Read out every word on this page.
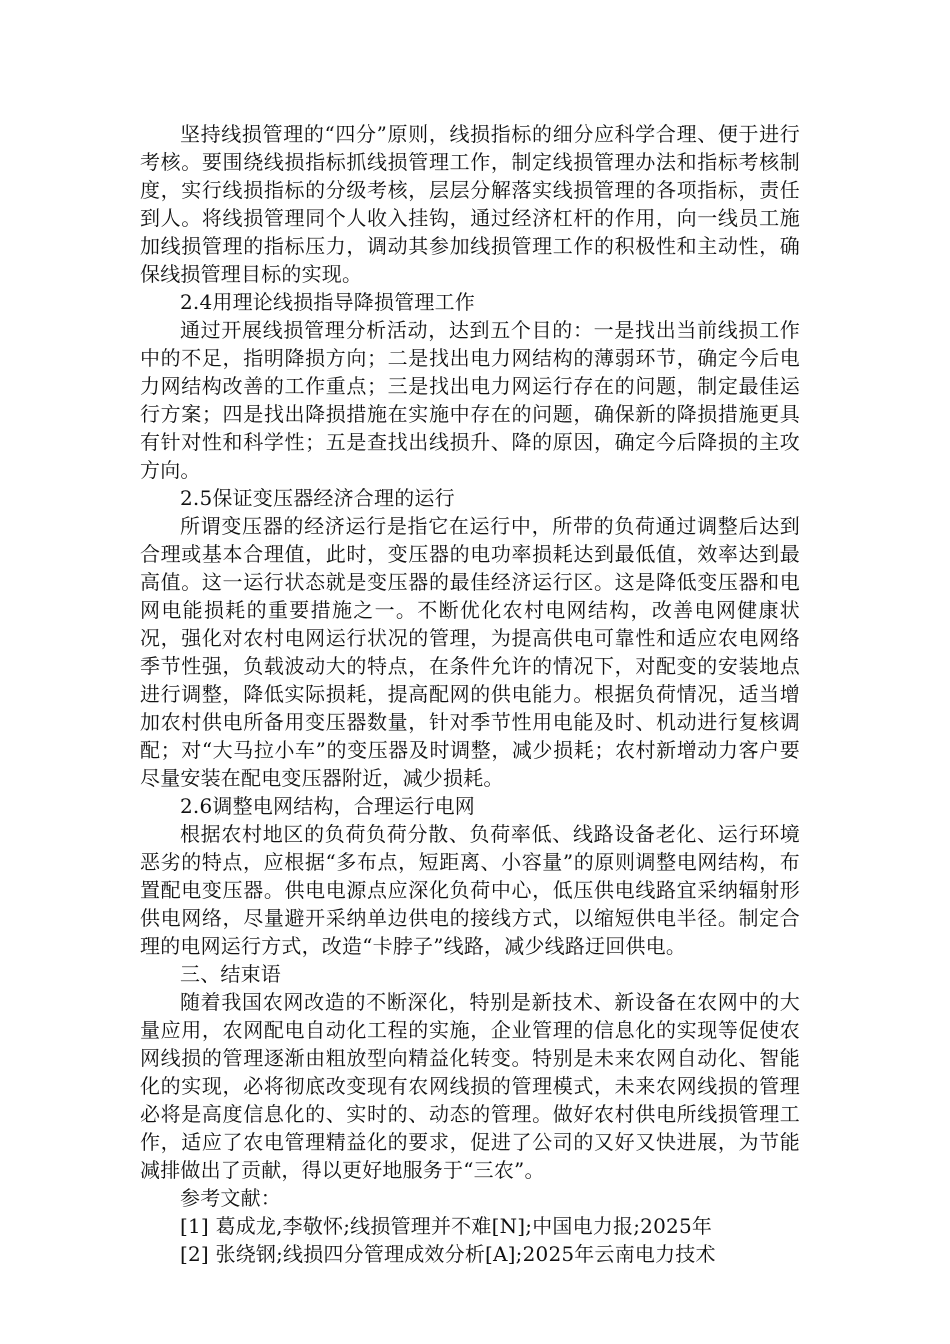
坚持线损管理的“四分”原则，线损指标的细分应科学合理、便于进行考核。要围绕线损指标抓线损管理工作，制定线损管理办法和指标考核制度，实行线损指标的分级考核，层层分解落实线损管理的各项指标，责任到人。将线损管理同个人收入挂钩，通过经济杠杆的作用，向一线员工施加线损管理的指标压力，调动其参加线损管理工作的积极性和主动性，确保线损管理目标的实现。

2.4用理论线损指导降损管理工作

通过开展线损管理分析活动，达到五个目的：一是找出当前线损工作中的不足，指明降损方向；二是找出电力网结构的薄弱环节，确定今后电力网结构改善的工作重点；三是找出电力网运行存在的问题，制定最佳运行方案；四是找出降损措施在实施中存在的问题，确保新的降损措施更具有针对性和科学性；五是查找出线损升、降的原因，确定今后降损的主攻方向。

2.5保证变压器经济合理的运行

所谓变压器的经济运行是指它在运行中，所带的负荷通过调整后达到合理或基本合理值，此时，变压器的电功率损耗达到最低值，效率达到最高值。这一运行状态就是变压器的最佳经济运行区。这是降低变压器和电网电能损耗的重要措施之一。不断优化农村电网结构，改善电网健康状况，强化对农村电网运行状况的管理，为提高供电可靠性和适应农电网络季节性强，负载波动大的特点，在条件允许的情况下，对配变的安装地点进行调整，降低实际损耗，提高配网的供电能力。根据负荷情况，适当增加农村供电所备用变压器数量，针对季节性用电能及时、机动进行复核调配；对“大马拉小车”的变压器及时调整，减少损耗；农村新增动力客户要尽量安装在配电变压器附近，减少损耗。

2.6调整电网结构，合理运行电网

根据农村地区的负荷负荷分散、负荷率低、线路设备老化、运行环境恶劣的特点，应根据“多布点，短距离、小容量”的原则调整电网结构，布置配电变压器。供电电源点应深化负荷中心，低压供电线路宜采纳辐射形供电网络，尽量避开采纳单边供电的接线方式，以缩短供电半径。制定合理的电网运行方式，改造“卡脖子”线路，减少线路迂回供电。

三、结束语

随着我国农网改造的不断深化，特别是新技术、新设备在农网中的大量应用，农网配电自动化工程的实施，企业管理的信息化的实现等促使农网线损的管理逐渐由粗放型向精益化转变。特别是未来农网自动化、智能化的实现，必将彻底改变现有农网线损的管理模式，未来农网线损的管理必将是高度信息化的、实时的、动态的管理。做好农村供电所线损管理工作，适应了农电管理精益化的要求，促进了公司的又好又快进展，为节能减排做出了贡献，得以更好地服务于“三农”。

参考文献：

[1] 葛成龙,李敬怀;线损管理并不难[N];中国电力报;2025年

[2] 张绕钢;线损四分管理成效分析[A];2025年云南电力技术
